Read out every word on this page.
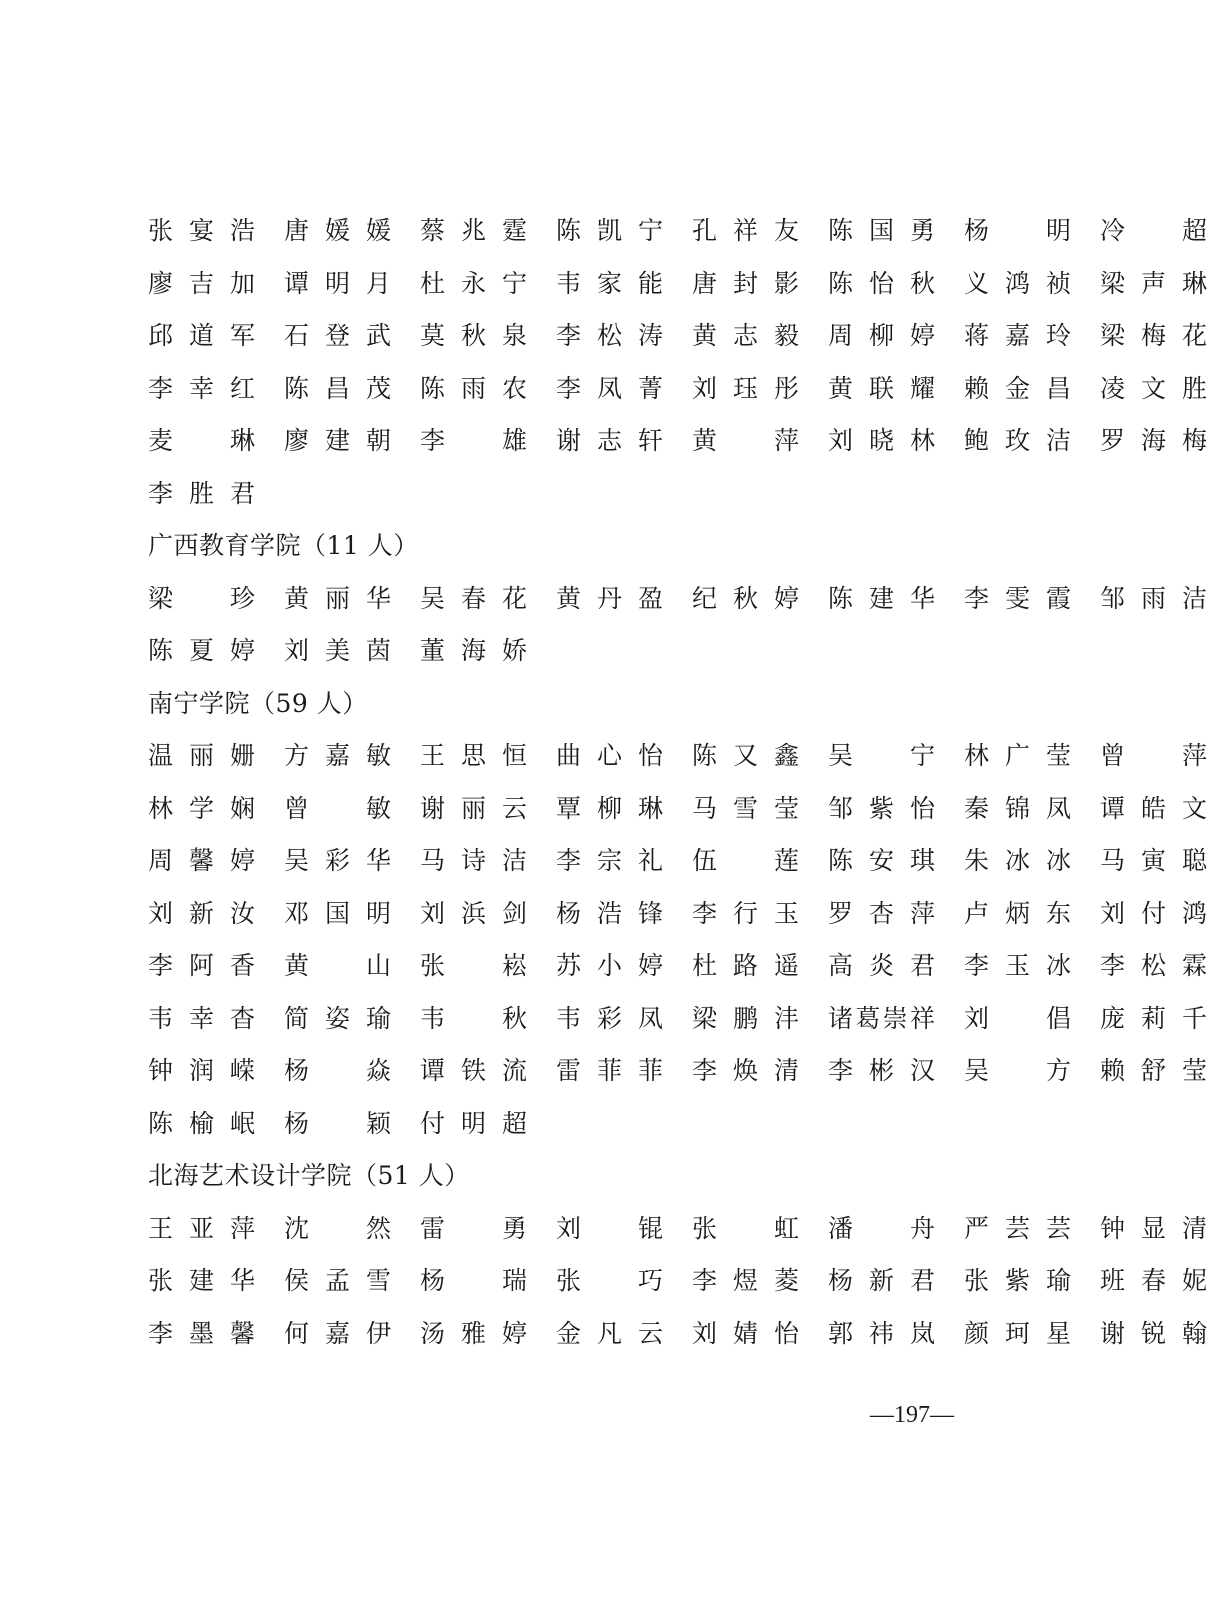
张宴浩 唐媛媛 蔡兆霆 陈凯宁 孔祥友 陈国勇 杨　明 冷　超
廖吉加 谭明月 杜永宁 韦家能 唐封影 陈怡秋 义鸿祯 梁声琳
邱道军 石登武 莫秋泉 李松涛 黄志毅 周柳婷 蒋嘉玲 梁梅花
李幸红 陈昌茂 陈雨农 李凤菁 刘珏彤 黄联耀 赖金昌 凌文胜
麦　琳 廖建朝 李　雄 谢志轩 黄　萍 刘晓林 鲍玫洁 罗海梅
李胜君
广西教育学院（11 人）
梁　珍 黄丽华 吴春花 黄丹盈 纪秋婷 陈建华 李雯霞 邹雨洁
陈夏婷 刘美茵 董海娇
南宁学院（59 人）
温丽姗 方嘉敏 王思恒 曲心怡 陈又鑫 吴　宁 林广莹 曾　萍
林学娴 曾　敏 谢丽云 覃柳琳 马雪莹 邹紫怡 秦锦凤 谭皓文
周馨婷 吴彩华 马诗洁 李宗礼 伍　莲 陈安琪 朱冰冰 马寅聪
刘新汝 邓国明 刘浜剑 杨浩锋 李行玉 罗杏萍 卢炳东 刘付鸿
李阿香 黄　山 张　崧 苏小婷 杜路遥 高炎君 李玉冰 李松霖
韦幸杳 简姿瑜 韦　秋 韦彩凤 梁鹏沣 诸葛崇祥 刘　倡 庞莉千
钟润嵘 杨　焱 谭铁流 雷菲菲 李焕清 李彬汉 吴　方 赖舒莹
陈榆岷 杨　颖 付明超
北海艺术设计学院（51 人）
王亚萍 沈　然 雷　勇 刘　锟 张　虹 潘　舟 严芸芸 钟显清
张建华 侯孟雪 杨　瑞 张　巧 李煜菱 杨新君 张紫瑜 班春妮
李墨馨 何嘉伊 汤雅婷 金凡云 刘婧怡 郭祎岚 颜珂星 谢锐翰
—197—
